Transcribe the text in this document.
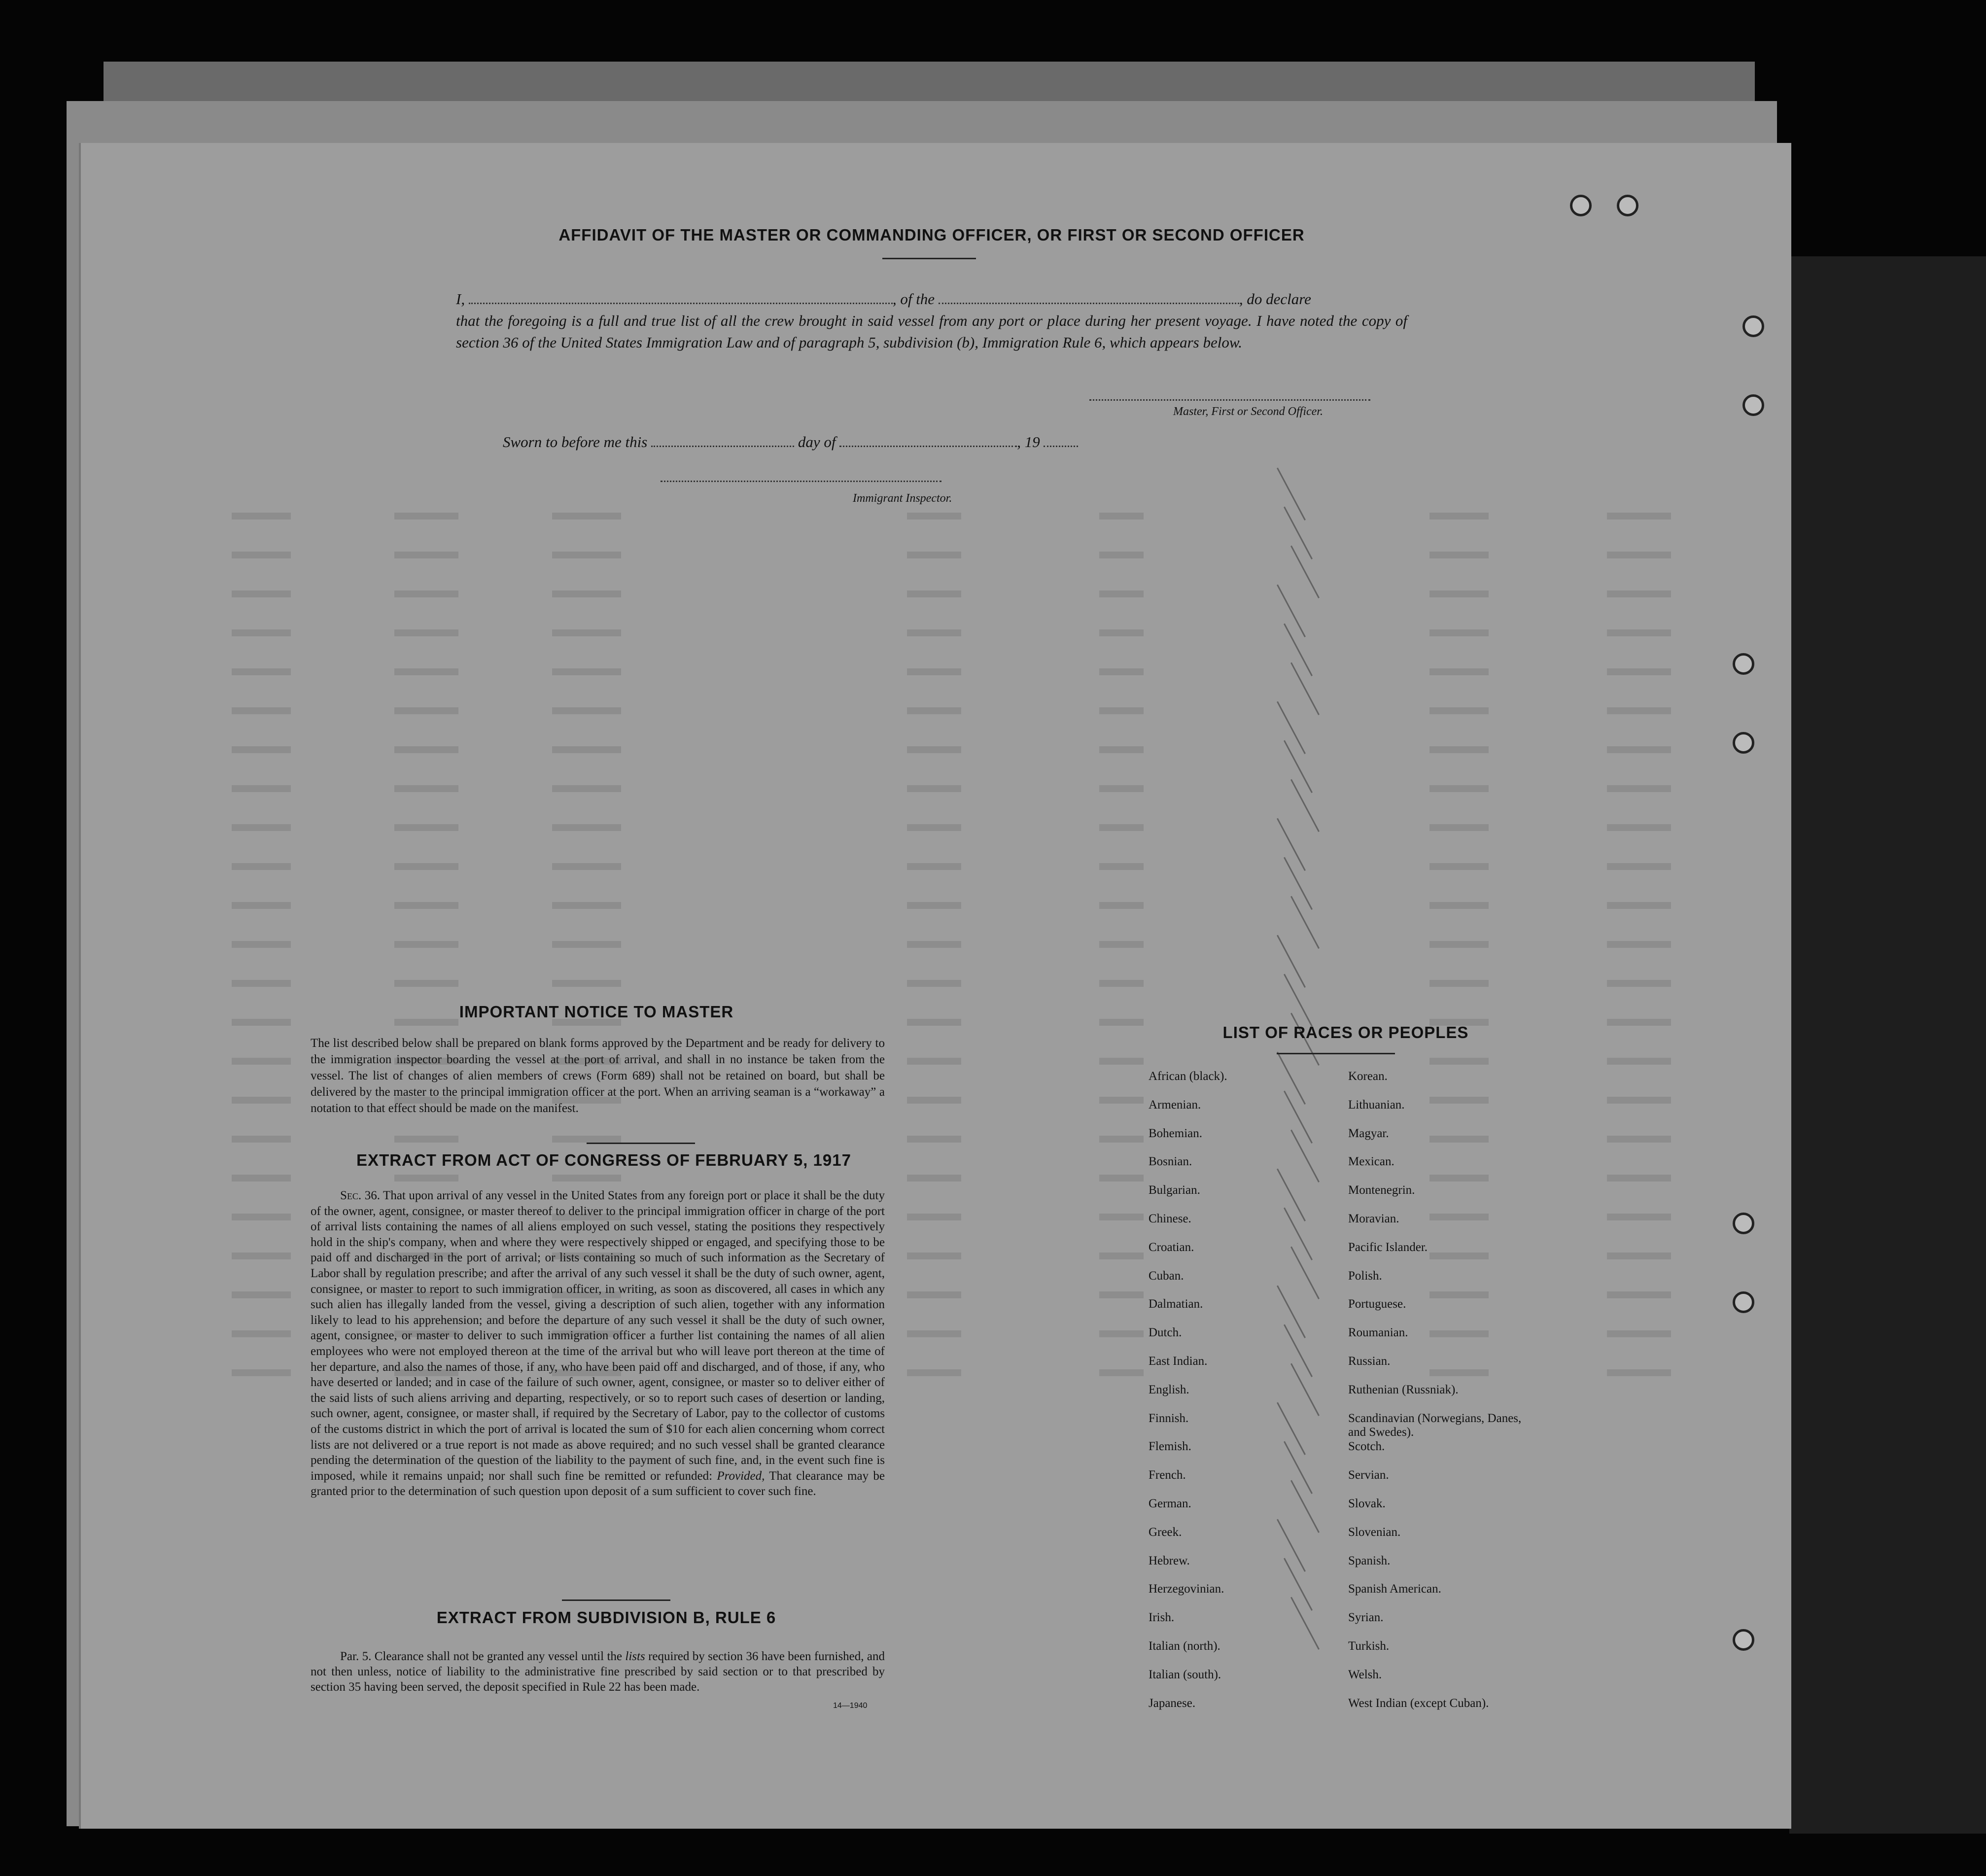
AFFIDAVIT OF THE MASTER OR COMMANDING OFFICER, OR FIRST OR SECOND OFFICER
I,	, of the	, do declare
that the foregoing is a full and true list of all the crew brought in said vessel from any port or place during her present voyage. I have noted the copy of section 36 of the United States Immigration Law and of paragraph 5, subdivision (b), Immigration Rule 6, which appears below.
Master, First or Second Officer.
Sworn to before me this	day of	, 19
Immigrant Inspector.
IMPORTANT NOTICE TO MASTER
The list described below shall be prepared on blank forms approved by the Department and be ready for delivery to the immigration inspector boarding the vessel at the port of arrival, and shall in no instance be taken from the vessel. The list of changes of alien members of crews (Form 689) shall not be retained on board, but shall be delivered by the master to the principal immigration officer at the port. When an arriving seaman is a “workaway” a notation to that effect should be made on the manifest.
EXTRACT FROM ACT OF CONGRESS OF FEBRUARY 5, 1917
Sec. 36. That upon arrival of any vessel in the United States from any foreign port or place it shall be the duty of the owner, agent, consignee, or master thereof to deliver to the principal immigration officer in charge of the port of arrival lists containing the names of all aliens employed on such vessel, stating the positions they respectively hold in the ship's company, when and where they were respectively shipped or engaged, and specifying those to be paid off and discharged in the port of arrival; or lists containing so much of such information as the Secretary of Labor shall by regulation prescribe; and after the arrival of any such vessel it shall be the duty of such owner, agent, consignee, or master to report to such immigration officer, in writing, as soon as discovered, all cases in which any such alien has illegally landed from the vessel, giving a description of such alien, together with any information likely to lead to his apprehension; and before the departure of any such vessel it shall be the duty of such owner, agent, consignee, or master to deliver to such immigration officer a further list containing the names of all alien employees who were not employed thereon at the time of the arrival but who will leave port thereon at the time of her departure, and also the names of those, if any, who have been paid off and discharged, and of those, if any, who have deserted or landed; and in case of the failure of such owner, agent, consignee, or master so to deliver either of the said lists of such aliens arriving and departing, respectively, or so to report such cases of desertion or landing, such owner, agent, consignee, or master shall, if required by the Secretary of Labor, pay to the collector of customs of the customs district in which the port of arrival is located the sum of $10 for each alien concerning whom correct lists are not delivered or a true report is not made as above required; and no such vessel shall be granted clearance pending the determination of the question of the liability to the payment of such fine, and, in the event such fine is imposed, while it remains unpaid; nor shall such fine be remitted or refunded: Provided, That clearance may be granted prior to the determination of such question upon deposit of a sum sufficient to cover such fine.
EXTRACT FROM SUBDIVISION B, RULE 6
Par. 5. Clearance shall not be granted any vessel until the lists required by section 36 have been furnished, and not then unless, notice of liability to the administrative fine prescribed by said section or to that prescribed by section 35 having been served, the deposit specified in Rule 22 has been made.
14—1940
LIST OF RACES OR PEOPLES
African (black).
Armenian.
Bohemian.
Bosnian.
Bulgarian.
Chinese.
Croatian.
Cuban.
Dalmatian.
Dutch.
East Indian.
English.
Finnish.
Flemish.
French.
German.
Greek.
Hebrew.
Herzegovinian.
Irish.
Italian (north).
Italian (south).
Japanese.
Korean.
Lithuanian.
Magyar.
Mexican.
Montenegrin.
Moravian.
Pacific Islander.
Polish.
Portuguese.
Roumanian.
Russian.
Ruthenian (Russniak).
Scandinavian (Norwegians, Danes, and Swedes).
Scotch.
Servian.
Slovak.
Slovenian.
Spanish.
Spanish American.
Syrian.
Turkish.
Welsh.
West Indian (except Cuban).
